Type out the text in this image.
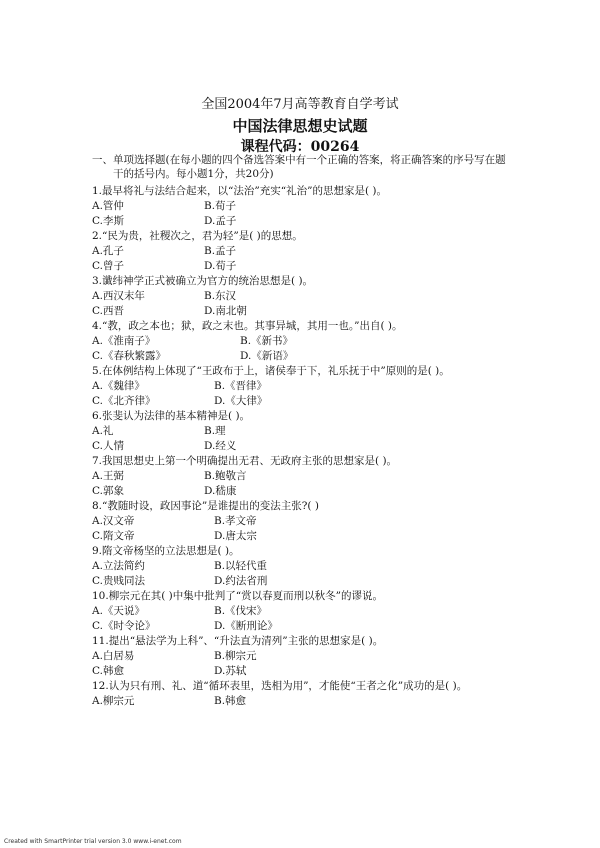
全国2004年7月高等教育自学考试
中国法律思想史试题
课程代码：00264
一、单项选择题(在每小题的四个备选答案中有一个正确的答案，将正确答案的序号写在题
干的括号内。每小题1分，共20分)
1.最早将礼与法结合起来，以“法治”充实“礼治”的思想家是( )。
A.管仲	B.荀子
C.李斯	D.孟子
2.“民为贵，社稷次之，君为轻”是( )的思想。
A.孔子	B.孟子
C.曾子	D.荀子
3.谶纬神学正式被确立为官方的统治思想是( )。
A.西汉末年	B.东汉
C.西晋	D.南北朝
4.“教，政之本也；狱，政之末也。其事异城，其用一也。”出自( )。
A.《淮南子》	B.《新书》
C.《春秋繁露》	D.《新语》
5.在体例结构上体现了“王政布于上，诸侯奉于下，礼乐抚于中”原则的是( )。
A.《魏律》	B.《晋律》
C.《北齐律》	D.《大律》
6.张斐认为法律的基本精神是( )。
A.礼	B.理
C.人情	D.经义
7.我国思想史上第一个明确提出无君、无政府主张的思想家是( )。
A.王弼	B.鲍敬言
C.郭象	D.嵇康
8.“教随时设，政因事论”是谁提出的变法主张?( )
A.汉文帝	B.孝文帝
C.隋文帝	D.唐太宗
9.隋文帝杨坚的立法思想是( )。
A.立法简约	B.以轻代重
C.贵贱同法	D.约法省刑
10.柳宗元在其( )中集中批判了“赏以春夏而刑以秋冬”的谬说。
A.《天说》	B.《伐宋》
C.《时令论》	D.《断刑论》
11.提出“悬法学为上科”、“升法直为清列”主张的思想家是( )。
A.白居易	B.柳宗元
C.韩愈	D.苏轼
12.认为只有刑、礼、道“循环表里，迭相为用”，才能使“王者之化”成功的是( )。
A.柳宗元	B.韩愈
Created with SmartPrinter trial version 3.0 www.i-enet.com
